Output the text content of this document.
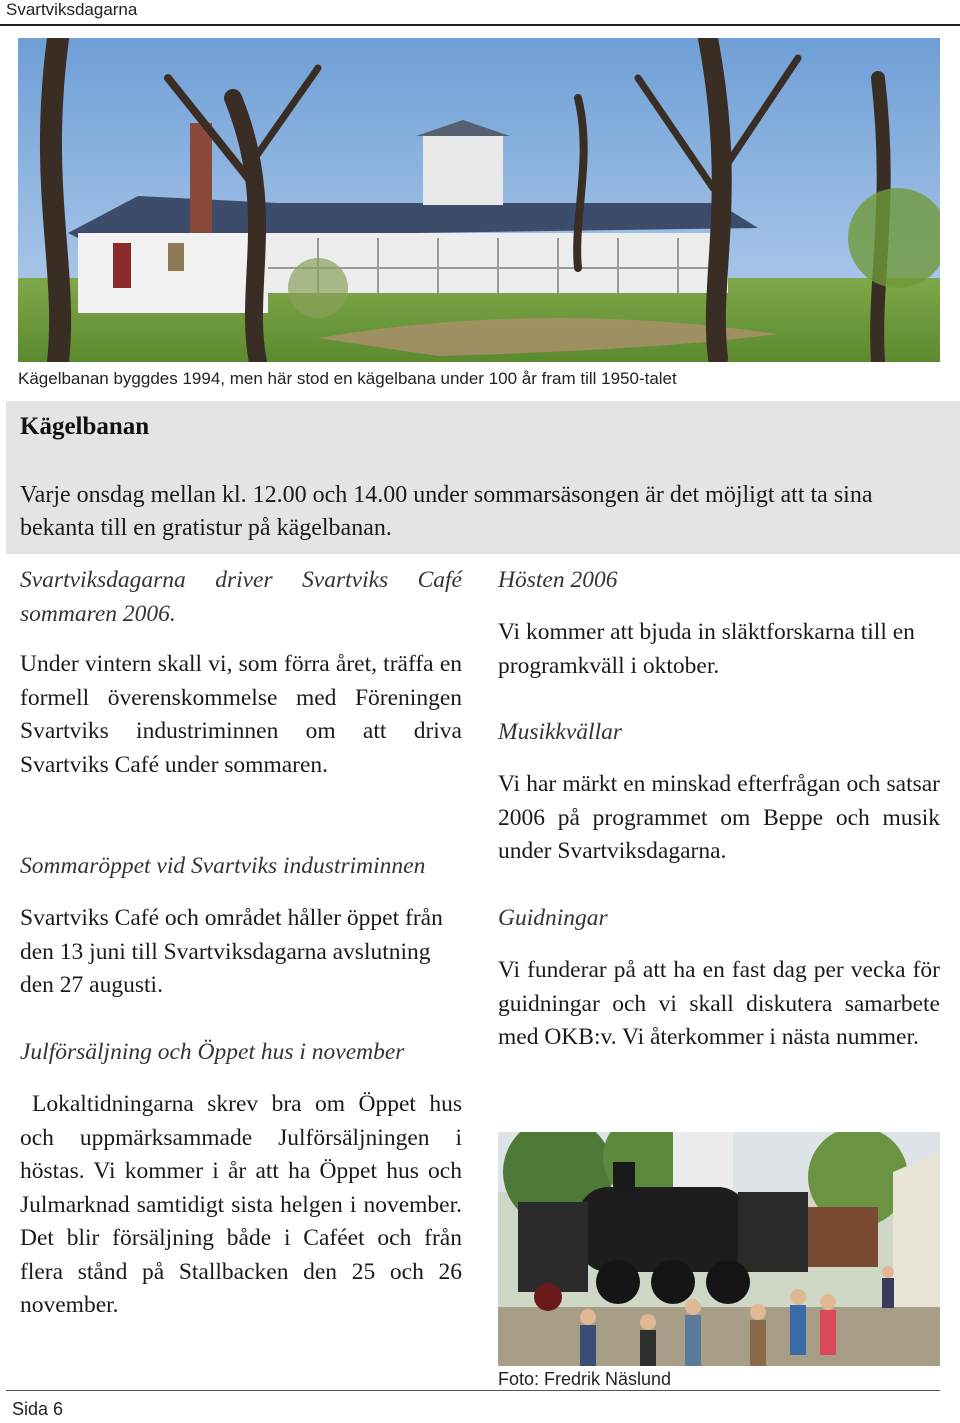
Svartviksdagarna
Kägelbanan byggdes 1994, men här stod en kägelbana under 100 år fram till 1950-talet
Kägelbanan
Varje onsdag mellan kl. 12.00 och 14.00 under sommarsäsongen är det möjligt att ta sina bekanta till en gratistur på kägelbanan.

Svartviksdagarna driver Svartviks Café sommaren 2006.

Under vintern skall vi, som förra året, träffa en formell överenskommelse med Föreningen Svartviks industriminnen om att driva Svartviks Café under sommaren.

Sommaröppet vid Svartviks industriminnen

Svartviks Café och området håller öppet från den 13 juni till Svartviksdagarna avslutning den 27 augusti.

Julförsäljning och Öppet hus i november

Lokaltidningarna skrev bra om Öppet hus och uppmärksammade Julförsäljningen i höstas. Vi kommer i år att ha Öppet hus och Julmarknad samtidigt sista helgen i november. Det blir försäljning både i Caféet och från flera stånd på Stallbacken den 25 och 26 november.

Hösten 2006

Vi kommer att bjuda in släktforskarna till en programkväll i oktober.

Musikkvällar

Vi har märkt en minskad efterfrågan och satsar 2006 på programmet om Beppe och musik under Svartviksdagarna.

Guidningar

Vi funderar på att ha en fast dag per vecka för guidningar och vi skall diskutera samarbete med OKB:v. Vi återkommer i nästa nummer.

Foto: Fredrik Näslund
Sida 6
